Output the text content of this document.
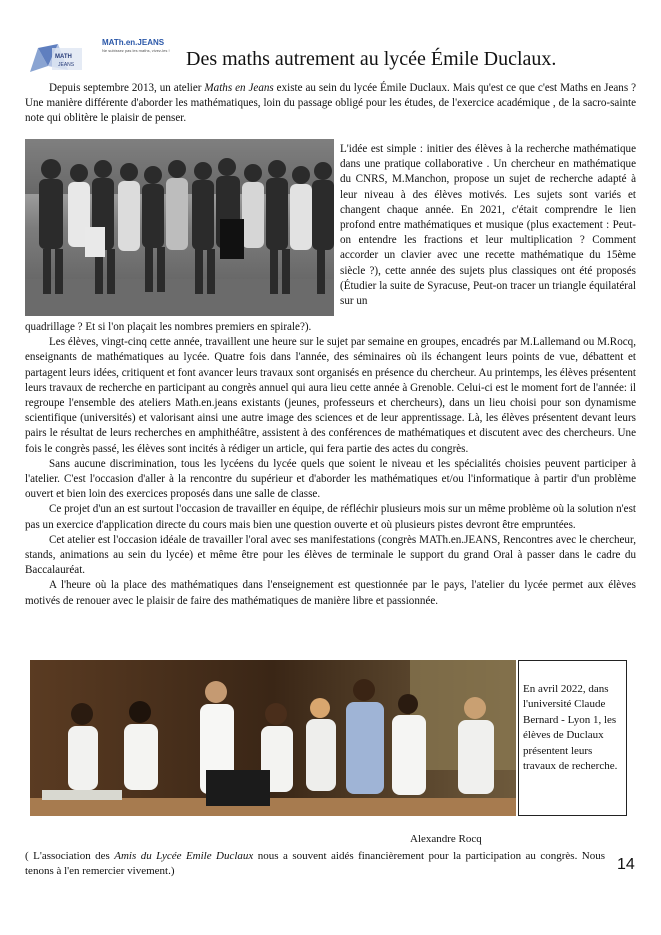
MATH
JEANS
MATh.en.JEANS
Ne subissez pas les maths, vivez-les ! Des maths autrement au lycée Émile Duclaux.

Depuis septembre 2013, un atelier Maths en Jeans existe au sein du lycée Émile Duclaux. Mais qu'est ce que c'est Maths en Jeans ? Une manière différente d'aborder les mathématiques, loin du passage obligé pour les études, de l'exercice académique , de la sacro-sainte note qui oblitère le plaisir de penser.

L'idée est simple : initier des élèves à la recherche mathématique dans une pratique collaborative . Un chercheur en mathématique du CNRS, M.Manchon, propose un sujet de recherche adapté à leur niveau à des élèves motivés. Les sujets sont variés et changent chaque année. En 2021, c'était comprendre le lien profond entre mathématiques et musique (plus exactement : Peut-on entendre les fractions et leur multiplication ? Comment accorder un clavier avec une recette mathématique du 15ème siècle ?), cette année des sujets plus classiques ont été proposés (Étudier la suite de Syracuse, Peut-on tracer un triangle équilatéral sur un

quadrillage ? Et si l'on plaçait les nombres premiers en spirale?).

Les élèves, vingt-cinq cette année, travaillent une heure sur le sujet par semaine en groupes, encadrés par M.Lallemand ou M.Rocq, enseignants de mathématiques au lycée. Quatre fois dans l'année, des séminaires où ils échangent leurs points de vue, débattent et partagent leurs idées, critiquent et font avancer leurs travaux sont organisés en présence du chercheur. Au printemps, les élèves présentent leurs travaux de recherche en participant au congrès annuel qui aura lieu cette année à Grenoble. Celui-ci est le moment fort de l'année: il regroupe l'ensemble des ateliers Math.en.jeans existants (jeunes, professeurs et chercheurs), dans un lieu choisi pour son dynamisme scientifique (universités) et valorisant ainsi une autre image des sciences et de leur apprentissage. Là, les élèves présentent devant leurs pairs le résultat de leurs recherches en amphithéâtre, assistent à des conférences de mathématiques et discutent avec des chercheurs. Une fois le congrès passé, les élèves sont incités à rédiger un article, qui fera partie des actes du congrès.

Sans aucune discrimination, tous les lycéens du lycée quels que soient le niveau et les spécialités choisies peuvent participer à l'atelier. C'est l'occasion d'aller à la rencontre du supérieur et d'aborder les mathématiques et/ou l'informatique à partir d'un problème ouvert et bien loin des exercices proposés dans une salle de classe.

Ce projet d'un an est surtout l'occasion de travailler en équipe, de réfléchir plusieurs mois sur un même problème où la solution n'est pas un exercice d'application directe du cours mais bien une question ouverte et où plusieurs pistes devront être empruntées.

Cet atelier est l'occasion idéale de travailler l'oral avec ses manifestations (congrès MATh.en.JEANS, Rencontres avec le chercheur, stands, animations au sein du lycée) et même être pour les élèves de terminale le support du grand Oral à passer dans le cadre du Baccalauréat.

A l'heure où la place des mathématiques dans l'enseignement est questionnée par le pays, l'atelier du lycée permet aux élèves motivés de renouer avec le plaisir de faire des mathématiques de manière libre et passionnée.

En avril 2022, dans l'université Claude Bernard - Lyon 1, les élèves de Duclaux présentent leurs travaux de recherche.
Alexandre Rocq
( L'association des Amis du Lycée Emile Duclaux nous a souvent aidés financièrement pour la participation au congrès. Nous tenons à l'en remercier vivement.)	14
